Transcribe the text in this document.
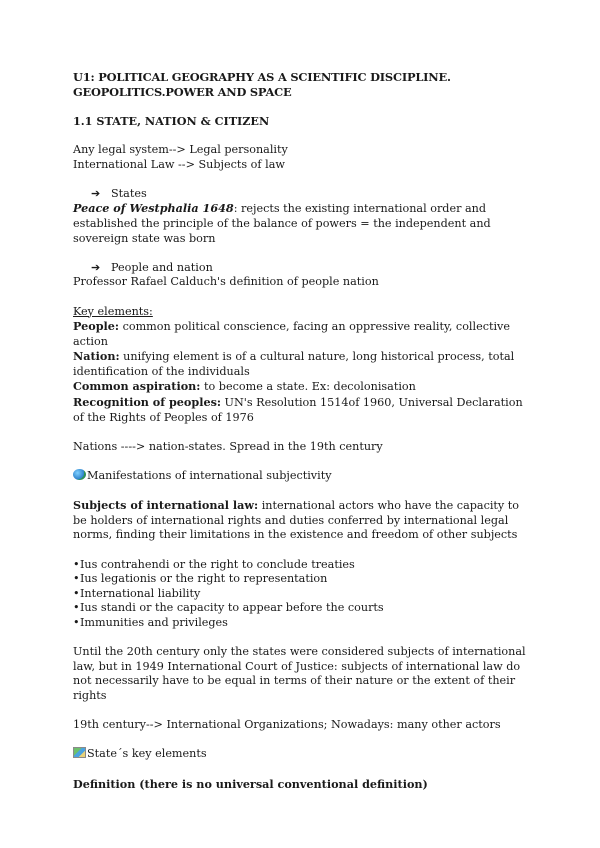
U1: POLITICAL GEOGRAPHY AS A SCIENTIFIC DISCIPLINE.

GEOPOLITICS.POWER AND SPACE

1.1 STATE, NATION & CITIZEN

Any legal system--> Legal personality

International Law --> Subjects of law

➔ States

Peace of Westphalia 1648: rejects the existing international order and established the principle of the balance of powers = the independent and sovereign state was born

➔ People and nation

Professor Rafael Calduch's definition of people nation

Key elements:

People: common political conscience, facing an oppressive reality, collective action

Nation: unifying element is of a cultural nature, long historical process, total identification of the individuals

Common aspiration: to become a state. Ex: decolonisation

Recognition of peoples: UN's Resolution 1514of 1960, Universal Declaration of the Rights of Peoples of 1976

Nations ----> nation-states. Spread in the 19th century

Manifestations of international subjectivity

Subjects of international law: international actors who have the capacity to be holders of international rights and duties conferred by international legal norms, finding their limitations in the existence and freedom of other subjects

•Ius contrahendi or the right to conclude treaties

•Ius legationis or the right to representation

•International liability

•Ius standi or the capacity to appear before the courts

•Immunities and privileges

Until the 20th century only the states were considered subjects of international law, but in 1949 International Court of Justice: subjects of international law do not necessarily have to be equal in terms of their nature or the extent of their rights

19th century--> International Organizations; Nowadays: many other actors

State´s key elements

Definition (there is no universal conventional definition)
